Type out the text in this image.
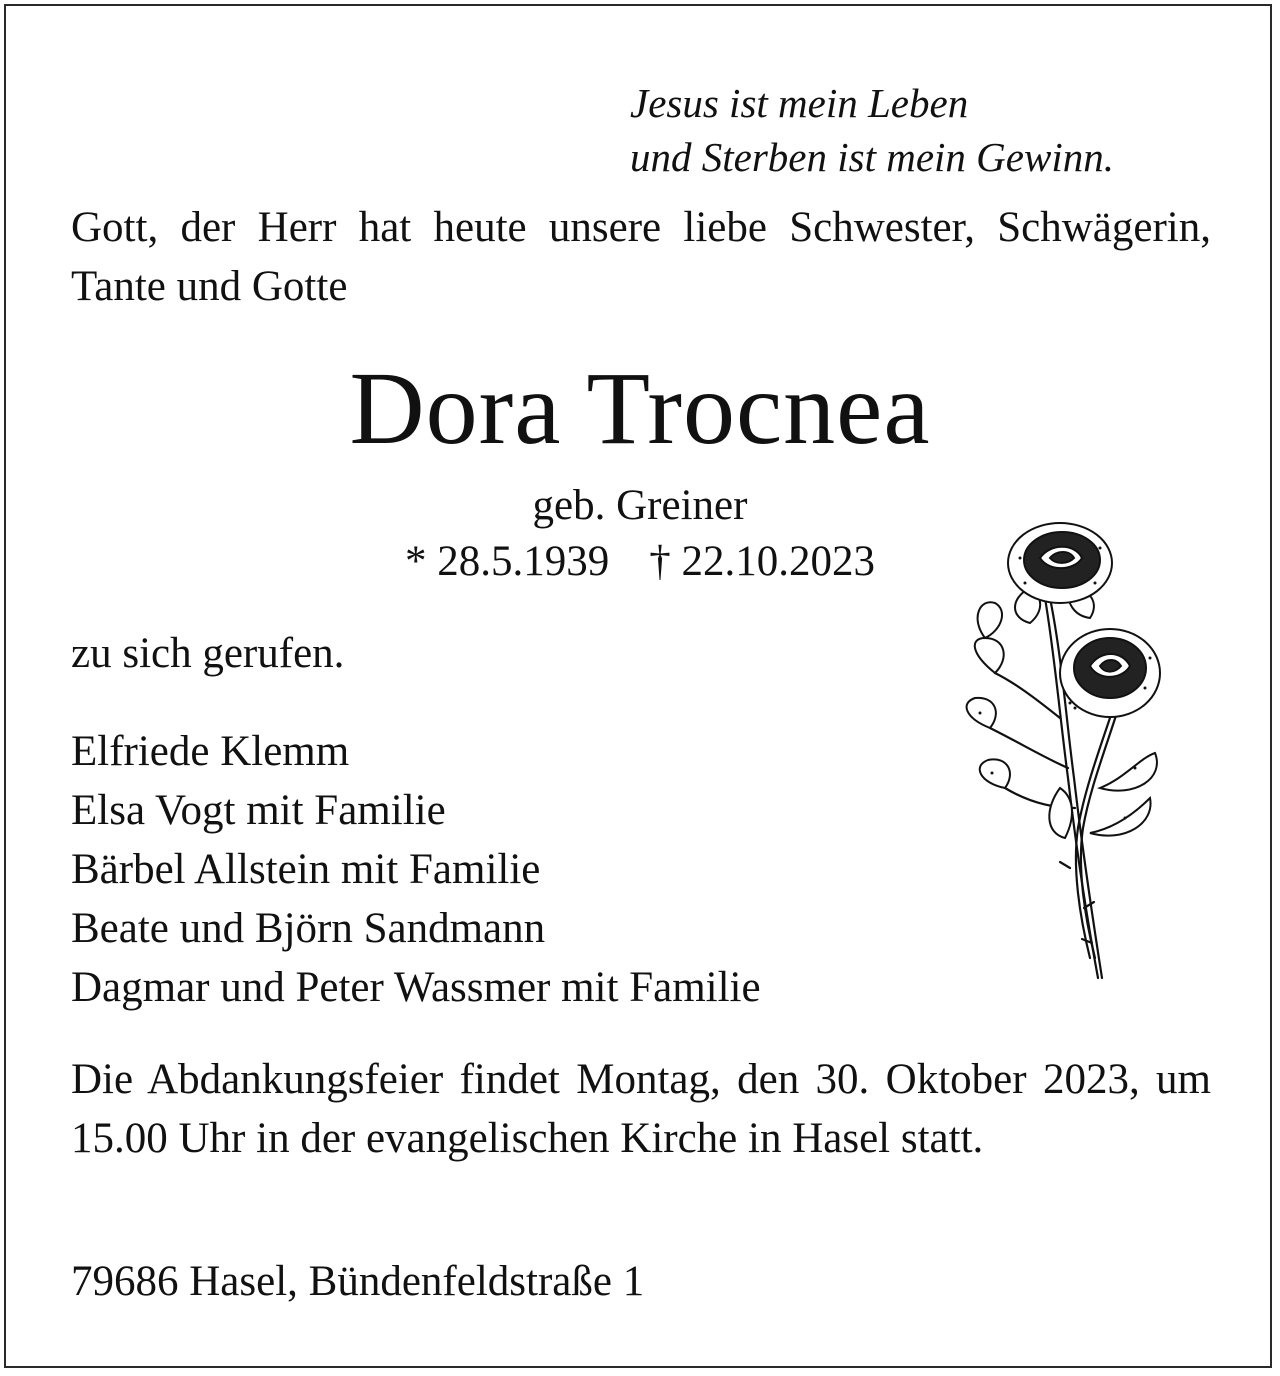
Jesus ist mein Leben
und Sterben ist mein Gewinn.
Gott, der Herr hat heute unsere liebe Schwester, Schwägerin, Tante und Gotte
Dora Trocnea
geb. Greiner
* 28.5.1939 † 22.10.2023
zu sich gerufen.
Elfriede Klemm
Elsa Vogt mit Familie
Bärbel Allstein mit Familie
Beate und Björn Sandmann
Dagmar und Peter Wassmer mit Familie
Die Abdankungsfeier findet Montag, den 30. Oktober 2023, um 15.00 Uhr in der evangelischen Kirche in Hasel statt.
79686 Hasel, Bündenfeldstraße 1
